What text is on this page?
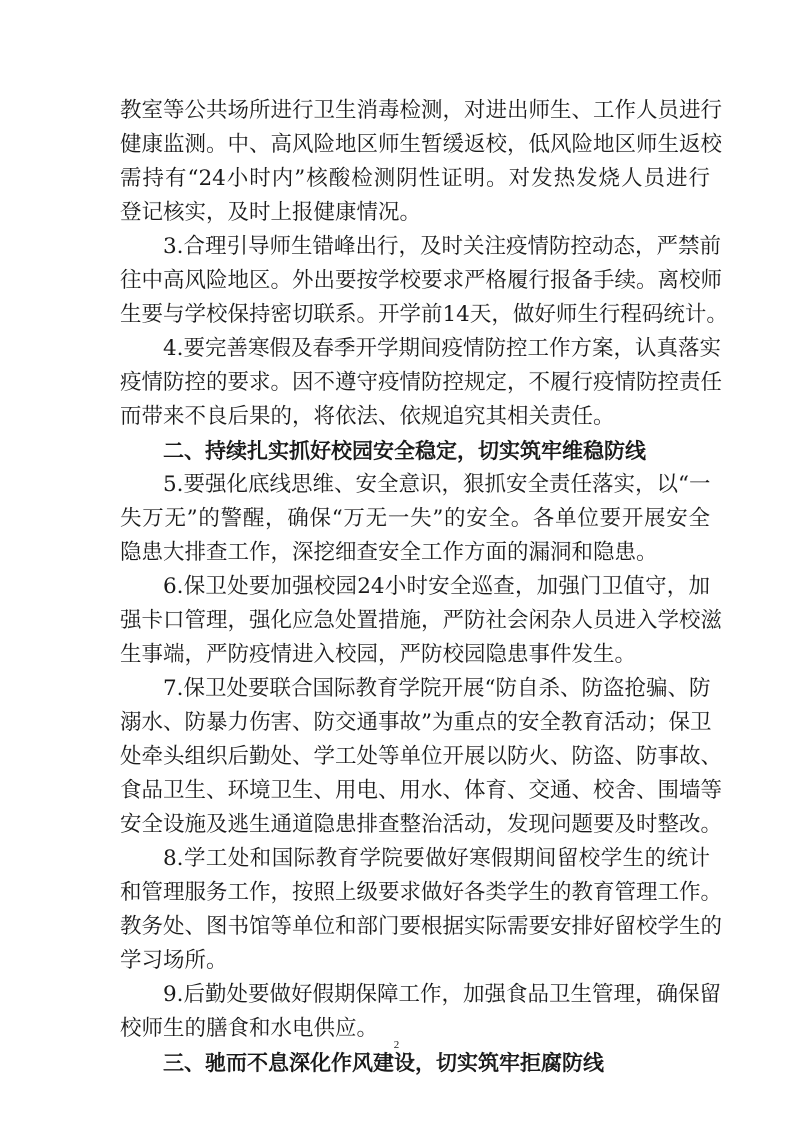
教室等公共场所进行卫生消毒检测，对进出师生、工作人员进行
健康监测。中、高风险地区师生暂缓返校，低风险地区师生返校
需持有“24小时内”核酸检测阴性证明。对发热发烧人员进行
登记核实，及时上报健康情况。
3.合理引导师生错峰出行，及时关注疫情防控动态，严禁前
往中高风险地区。外出要按学校要求严格履行报备手续。离校师
生要与学校保持密切联系。开学前14天，做好师生行程码统计。
4.要完善寒假及春季开学期间疫情防控工作方案，认真落实
疫情防控的要求。因不遵守疫情防控规定，不履行疫情防控责任
而带来不良后果的，将依法、依规追究其相关责任。
二、持续扎实抓好校园安全稳定，切实筑牢维稳防线
5.要强化底线思维、安全意识，狠抓安全责任落实，以“一
失万无”的警醒，确保“万无一失”的安全。各单位要开展安全
隐患大排查工作，深挖细查安全工作方面的漏洞和隐患。
6.保卫处要加强校园24小时安全巡查，加强门卫值守，加
强卡口管理，强化应急处置措施，严防社会闲杂人员进入学校滋
生事端，严防疫情进入校园，严防校园隐患事件发生。
7.保卫处要联合国际教育学院开展“防自杀、防盗抢骗、防
溺水、防暴力伤害、防交通事故”为重点的安全教育活动；保卫
处牵头组织后勤处、学工处等单位开展以防火、防盗、防事故、
食品卫生、环境卫生、用电、用水、体育、交通、校舍、围墙等
安全设施及逃生通道隐患排查整治活动，发现问题要及时整改。
8.学工处和国际教育学院要做好寒假期间留校学生的统计
和管理服务工作，按照上级要求做好各类学生的教育管理工作。
教务处、图书馆等单位和部门要根据实际需要安排好留校学生的
学习场所。
9.后勤处要做好假期保障工作，加强食品卫生管理，确保留
校师生的膳食和水电供应。
三、驰而不息深化作风建设，切实筑牢拒腐防线
2
